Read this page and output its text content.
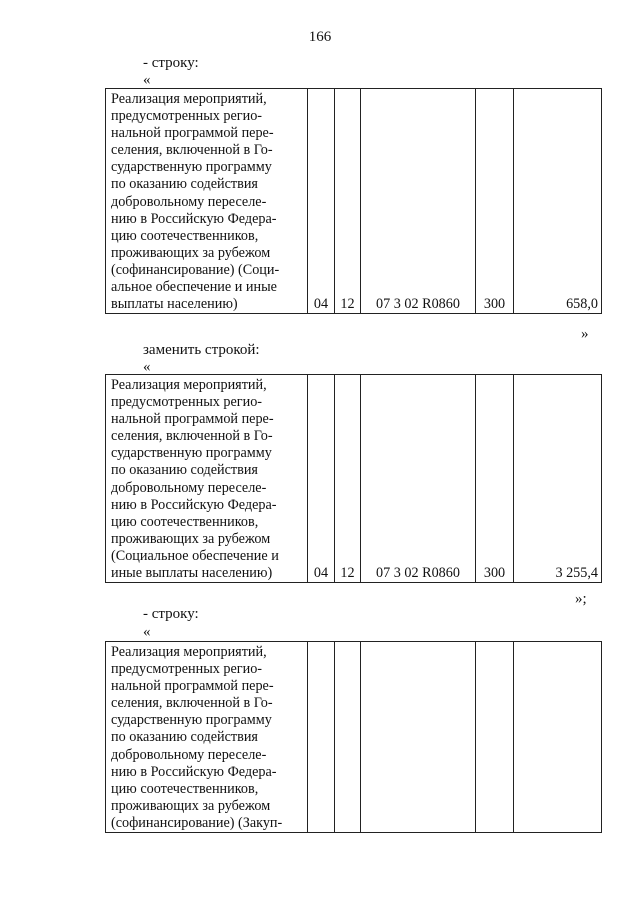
166
- строку:
«
Реализация мероприятий,
предусмотренных регио-
нальной программой пере-
селения, включенной в Го-
сударственную программу
по оказанию содействия
добровольному переселе-
нию в Российскую Федера-
цию соотечественников,
проживающих за рубежом
(софинансирование) (Соци-
альное обеспечение и иные
выплаты населению)	04	12	07 3 02 R0860	300	658,0
»
заменить строкой:
«
Реализация мероприятий,
предусмотренных регио-
нальной программой пере-
селения, включенной в Го-
сударственную программу
по оказанию содействия
добровольному переселе-
нию в Российскую Федера-
цию соотечественников,
проживающих за рубежом
(Социальное обеспечение и
иные выплаты населению)	04	12	07 3 02 R0860	300	3 255,4
»;
- строку:
«
Реализация мероприятий,
предусмотренных регио-
нальной программой пере-
селения, включенной в Го-
сударственную программу
по оказанию содействия
добровольному переселе-
нию в Российскую Федера-
цию соотечественников,
проживающих за рубежом
(софинансирование) (Закуп-
